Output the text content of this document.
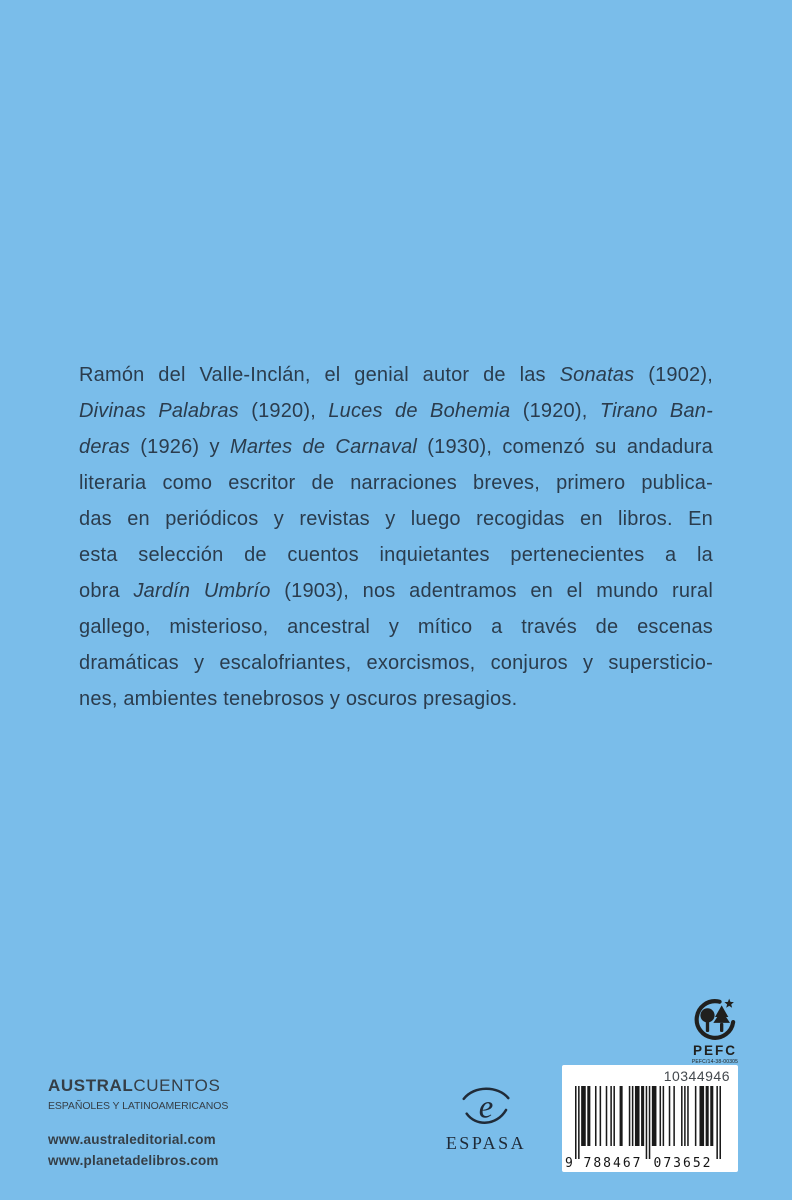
Ramón del Valle-Inclán, el genial autor de las Sonatas (1902),
Divinas Palabras (1920), Luces de Bohemia (1920), Tirano Ban-
deras (1926) y Martes de Carnaval (1930), comenzó su andadura
literaria como escritor de narraciones breves, primero publica-
das en periódicos y revistas y luego recogidas en libros. En
esta selección de cuentos inquietantes pertenecientes a la
obra Jardín Umbrío (1903), nos adentramos en el mundo rural
gallego, misterioso, ancestral y mítico a través de escenas
dramáticas y escalofriantes, exorcismos, conjuros y supersticio-
nes, ambientes tenebrosos y oscuros presagios.
PEFC
PEFC/14-38-00305
AUSTRALCUENTOS
ESPAÑOLES Y LATINOAMERICANOS
www.australeditorial.com
www.planetadelibros.com
e
ESPASA
10344946
9 788467 073652
